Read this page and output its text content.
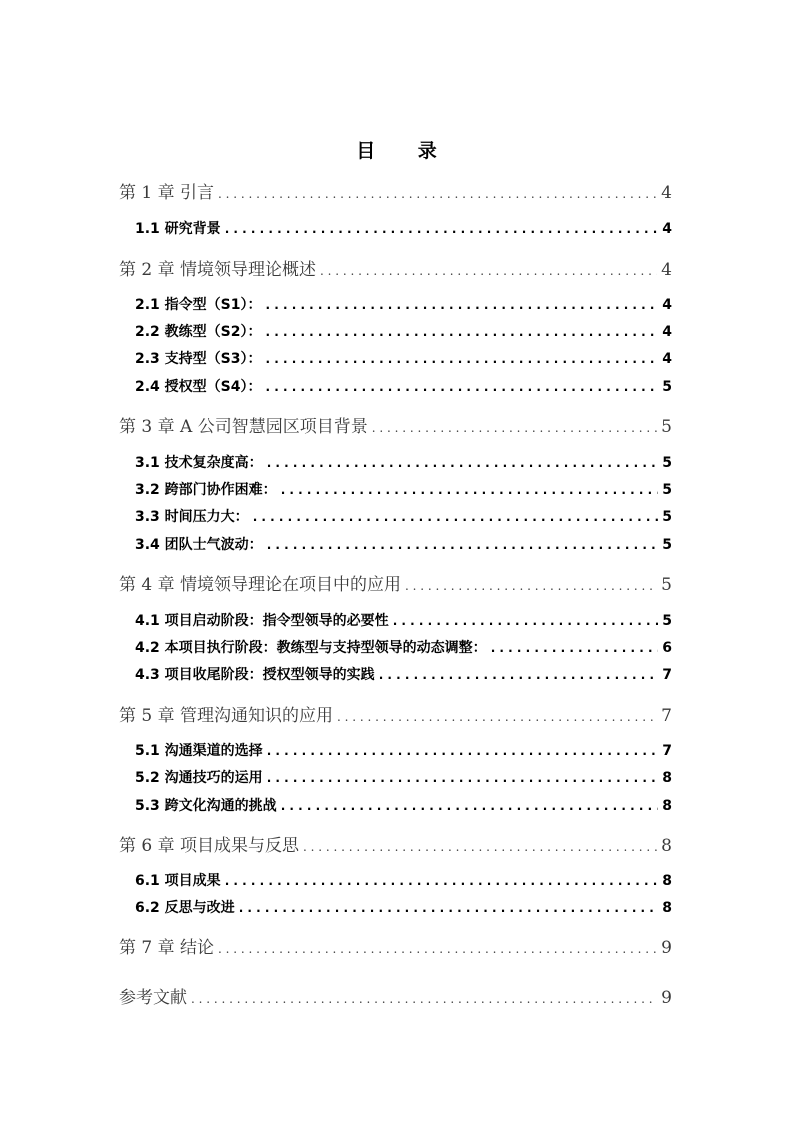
目 录
第 1 章 引言 . . .	4
1.1 研究背景 . . .	4
第 2 章 情境领导理论概述 . . .	4
2.1 指令型（S1）： . . .	4
2.2 教练型（S2）： . . .	4
2.3 支持型（S3）： . . .	4
2.4 授权型（S4）： . . .	5
第 3 章 A 公司智慧园区项目背景 . . .	5
3.1 技术复杂度高： . . .	5
3.2 跨部门协作困难： . . .	5
3.3 时间压力大： . . .	5
3.4 团队士气波动： . . .	5
第 4 章 情境领导理论在项目中的应用 . . .	5
4.1 项目启动阶段：指令型领导的必要性 . . .	5
4.2 本项目执行阶段：教练型与支持型领导的动态调整： . . .	6
4.3 项目收尾阶段：授权型领导的实践 . . .	7
第 5 章 管理沟通知识的应用 . . .	7
5.1 沟通渠道的选择 . . .	7
5.2 沟通技巧的运用 . . .	8
5.3 跨文化沟通的挑战 . . .	8
第 6 章 项目成果与反思 . . .	8
6.1 项目成果 . . .	8
6.2 反思与改进 . . .	8
第 7 章 结论 . . .	9
参考文献 . . .	9
